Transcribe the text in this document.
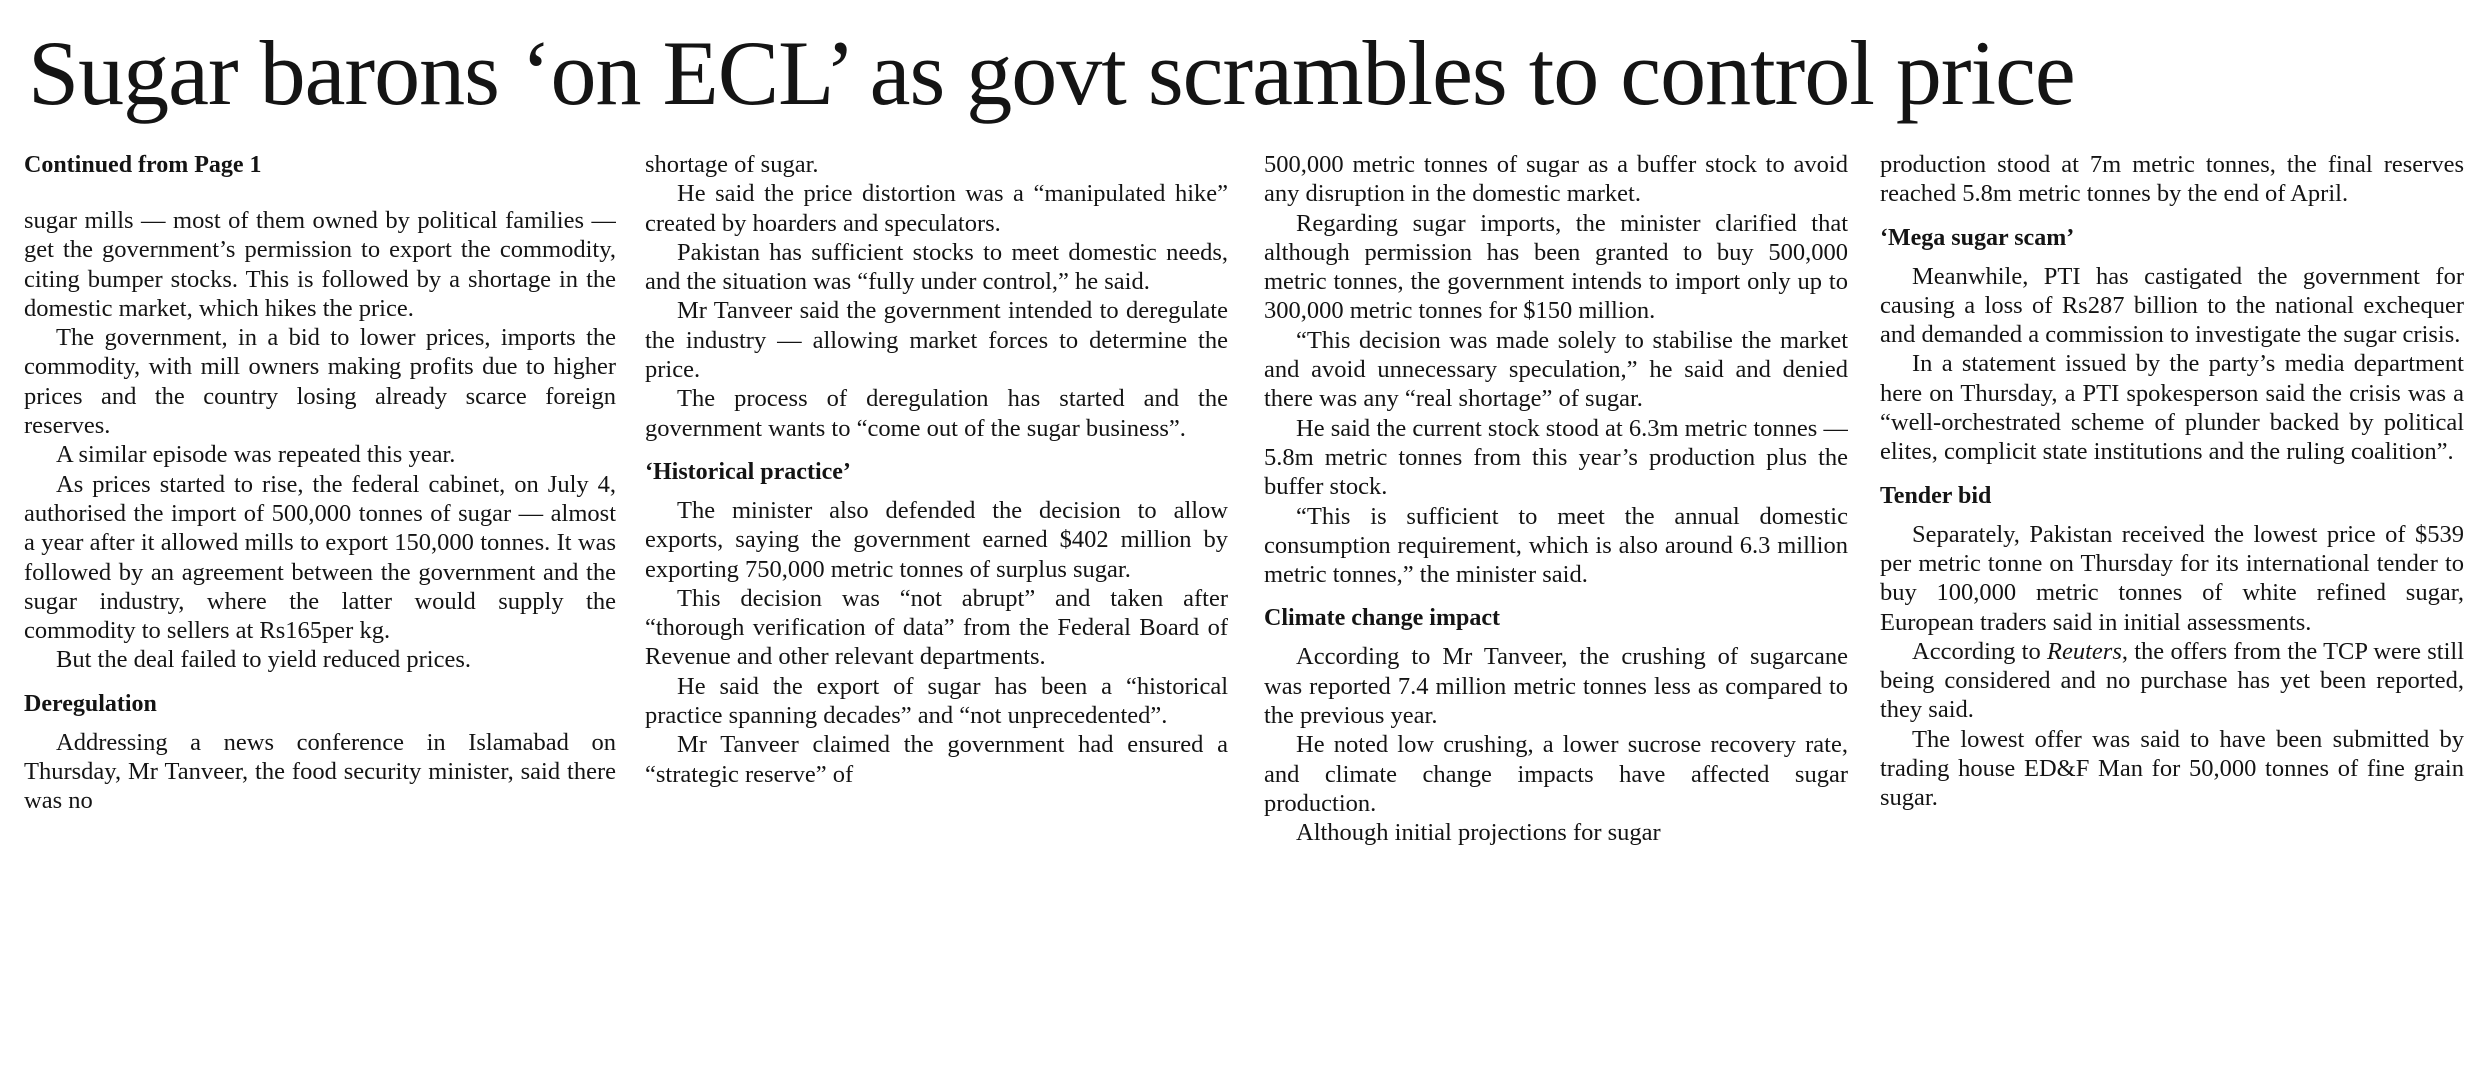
Sugar barons ‘on ECL’ as govt scrambles to control price
Continued from Page 1

sugar mills — most of them owned by political families — get the government’s permission to export the commodity, citing bumper stocks. This is followed by a shortage in the domestic market, which hikes the price.

The government, in a bid to lower prices, imports the commodity, with mill owners making profits due to higher prices and the country losing already scarce foreign reserves.

A similar episode was repeated this year.

As prices started to rise, the federal cabinet, on July 4, authorised the import of 500,000 tonnes of sugar — almost a year after it allowed mills to export 150,000 tonnes. It was followed by an agreement between the government and the sugar industry, where the latter would supply the commodity to sellers at Rs165per kg.

But the deal failed to yield reduced prices.

Deregulation

Addressing a news conference in Islamabad on Thursday, Mr Tanveer, the food security minister, said there was no

shortage of sugar.

He said the price distortion was a “manipulated hike” created by hoarders and speculators.

Pakistan has sufficient stocks to meet domestic needs, and the situation was “fully under control,” he said.

Mr Tanveer said the government intended to deregulate the industry — allowing market forces to determine the price.

The process of deregulation has started and the government wants to “come out of the sugar business”.

‘Historical practice’

The minister also defended the decision to allow exports, saying the government earned $402 million by exporting 750,000 metric tonnes of surplus sugar.

This decision was “not abrupt” and taken after “thorough verification of data” from the Federal Board of Revenue and other relevant departments.

He said the export of sugar has been a “historical practice spanning decades” and “not unprecedented”.

Mr Tanveer claimed the government had ensured a “strategic reserve” of

500,000 metric tonnes of sugar as a buffer stock to avoid any disruption in the domestic market.

Regarding sugar imports, the minister clarified that although permission has been granted to buy 500,000 metric tonnes, the government intends to import only up to 300,000 metric tonnes for $150 million.

“This decision was made solely to stabilise the market and avoid unnecessary speculation,” he said and denied there was any “real shortage” of sugar.

He said the current stock stood at 6.3m metric tonnes — 5.8m metric tonnes from this year’s production plus the buffer stock.

“This is sufficient to meet the annual domestic consumption requirement, which is also around 6.3 million metric tonnes,” the minister said.

Climate change impact

According to Mr Tanveer, the crushing of sugarcane was reported 7.4 million metric tonnes less as compared to the previous year.

He noted low crushing, a lower sucrose recovery rate, and climate change impacts have affected sugar production.

Although initial projections for sugar

production stood at 7m metric tonnes, the final reserves reached 5.8m metric tonnes by the end of April.

‘Mega sugar scam’

Meanwhile, PTI has castigated the government for causing a loss of Rs287 billion to the national exchequer and demanded a commission to investigate the sugar crisis.

In a statement issued by the party’s media department here on Thursday, a PTI spokesperson said the crisis was a “well-orchestrated scheme of plunder backed by political elites, complicit state institutions and the ruling coalition”.

Tender bid

Separately, Pakistan received the lowest price of $539 per metric tonne on Thursday for its international tender to buy 100,000 metric tonnes of white refined sugar, European traders said in initial assessments.

According to Reuters, the offers from the TCP were still being considered and no purchase has yet been reported, they said.

The lowest offer was said to have been submitted by trading house ED&F Man for 50,000 tonnes of fine grain sugar.
